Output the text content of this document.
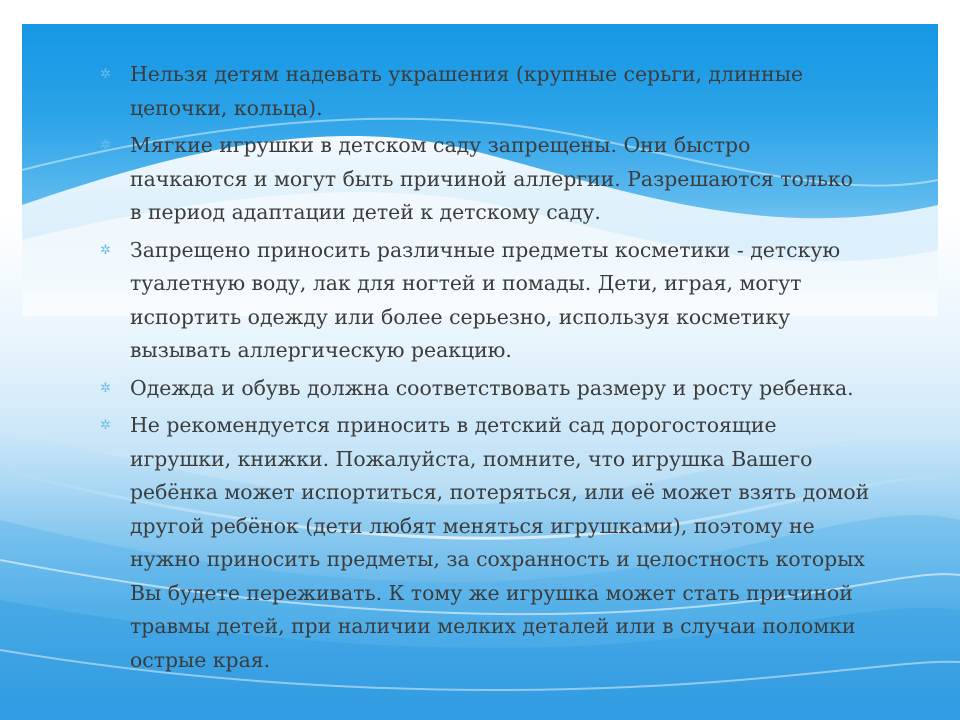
✲ Нельзя детям надевать украшения (крупные серьги, длинные цепочки, кольца).
✲ Мягкие игрушки в детском саду запрещены. Они быстро пачкаются и могут быть причиной аллергии. Разрешаются только в период адаптации детей к детскому саду.
✲ Запрещено приносить различные предметы косметики - детскую туалетную воду, лак для ногтей и помады. Дети, играя, могут испортить одежду или более серьезно, используя косметику вызывать аллергическую реакцию.
✲ Одежда и обувь должна соответствовать размеру и росту ребенка.
✲ Не рекомендуется приносить в детский сад дорогостоящие игрушки, книжки. Пожалуйста, помните, что игрушка Вашего ребёнка может испортиться, потеряться, или её может взять домой другой ребёнок (дети любят меняться игрушками), поэтому не нужно приносить предметы, за сохранность и целостность которых Вы будете переживать. К тому же игрушка может стать причиной травмы детей, при наличии мелких деталей или в случаи поломки острые края.
